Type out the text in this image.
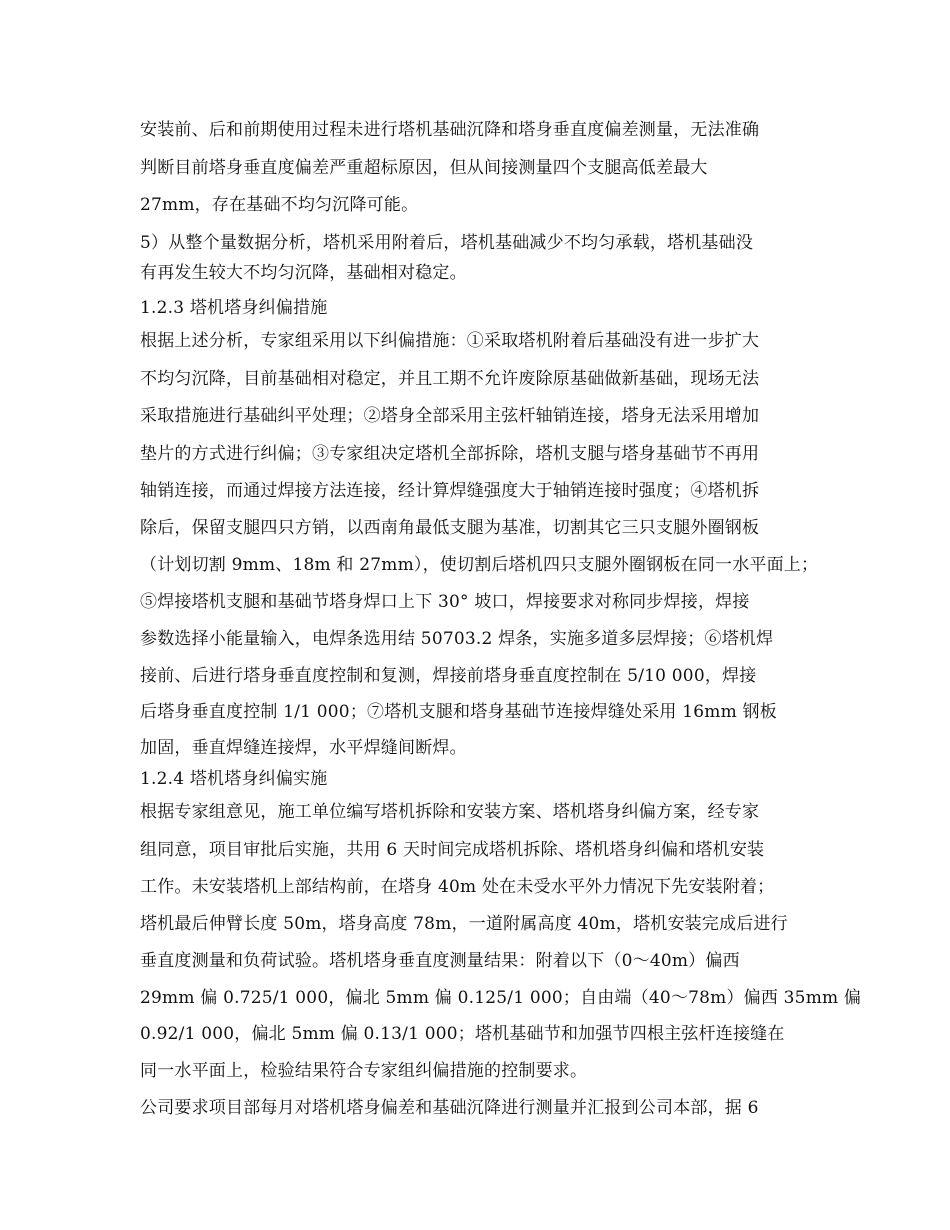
安装前、后和前期使用过程未进行塔机基础沉降和塔身垂直度偏差测量，无法准确
判断目前塔身垂直度偏差严重超标原因，但从间接测量四个支腿高低差最大
27mm，存在基础不均匀沉降可能。
5）从整个量数据分析，塔机采用附着后，塔机基础减少不均匀承载，塔机基础没
有再发生较大不均匀沉降，基础相对稳定。
1.2.3 塔机塔身纠偏措施
根据上述分析，专家组采用以下纠偏措施：①采取塔机附着后基础没有进一步扩大
不均匀沉降，目前基础相对稳定，并且工期不允许废除原基础做新基础，现场无法
采取措施进行基础纠平处理；②塔身全部采用主弦杆轴销连接，塔身无法采用增加
垫片的方式进行纠偏；③专家组决定塔机全部拆除，塔机支腿与塔身基础节不再用
轴销连接，而通过焊接方法连接，经计算焊缝强度大于轴销连接时强度；④塔机拆
除后，保留支腿四只方销，以西南角最低支腿为基准，切割其它三只支腿外圈钢板
（计划切割 9mm、18m 和 27mm），使切割后塔机四只支腿外圈钢板在同一水平面上；
⑤焊接塔机支腿和基础节塔身焊口上下 30° 坡口，焊接要求对称同步焊接，焊接
参数选择小能量输入，电焊条选用结 50703.2 焊条，实施多道多层焊接；⑥塔机焊
接前、后进行塔身垂直度控制和复测，焊接前塔身垂直度控制在 5/10 000，焊接
后塔身垂直度控制 1/1 000；⑦塔机支腿和塔身基础节连接焊缝处采用 16mm 钢板
加固，垂直焊缝连接焊，水平焊缝间断焊。
1.2.4 塔机塔身纠偏实施
根据专家组意见，施工单位编写塔机拆除和安装方案、塔机塔身纠偏方案，经专家
组同意，项目审批后实施，共用 6 天时间完成塔机拆除、塔机塔身纠偏和塔机安装
工作。未安装塔机上部结构前，在塔身 40m 处在未受水平外力情况下先安装附着；
塔机最后伸臂长度 50m，塔身高度 78m，一道附属高度 40m，塔机安装完成后进行
垂直度测量和负荷试验。塔机塔身垂直度测量结果：附着以下（0～40m）偏西
29mm 偏 0.725/1 000，偏北 5mm 偏 0.125/1 000；自由端（40～78m）偏西 35mm 偏
0.92/1 000，偏北 5mm 偏 0.13/1 000；塔机基础节和加强节四根主弦杆连接缝在
同一水平面上，检验结果符合专家组纠偏措施的控制要求。
公司要求项目部每月对塔机塔身偏差和基础沉降进行测量并汇报到公司本部，据 6
